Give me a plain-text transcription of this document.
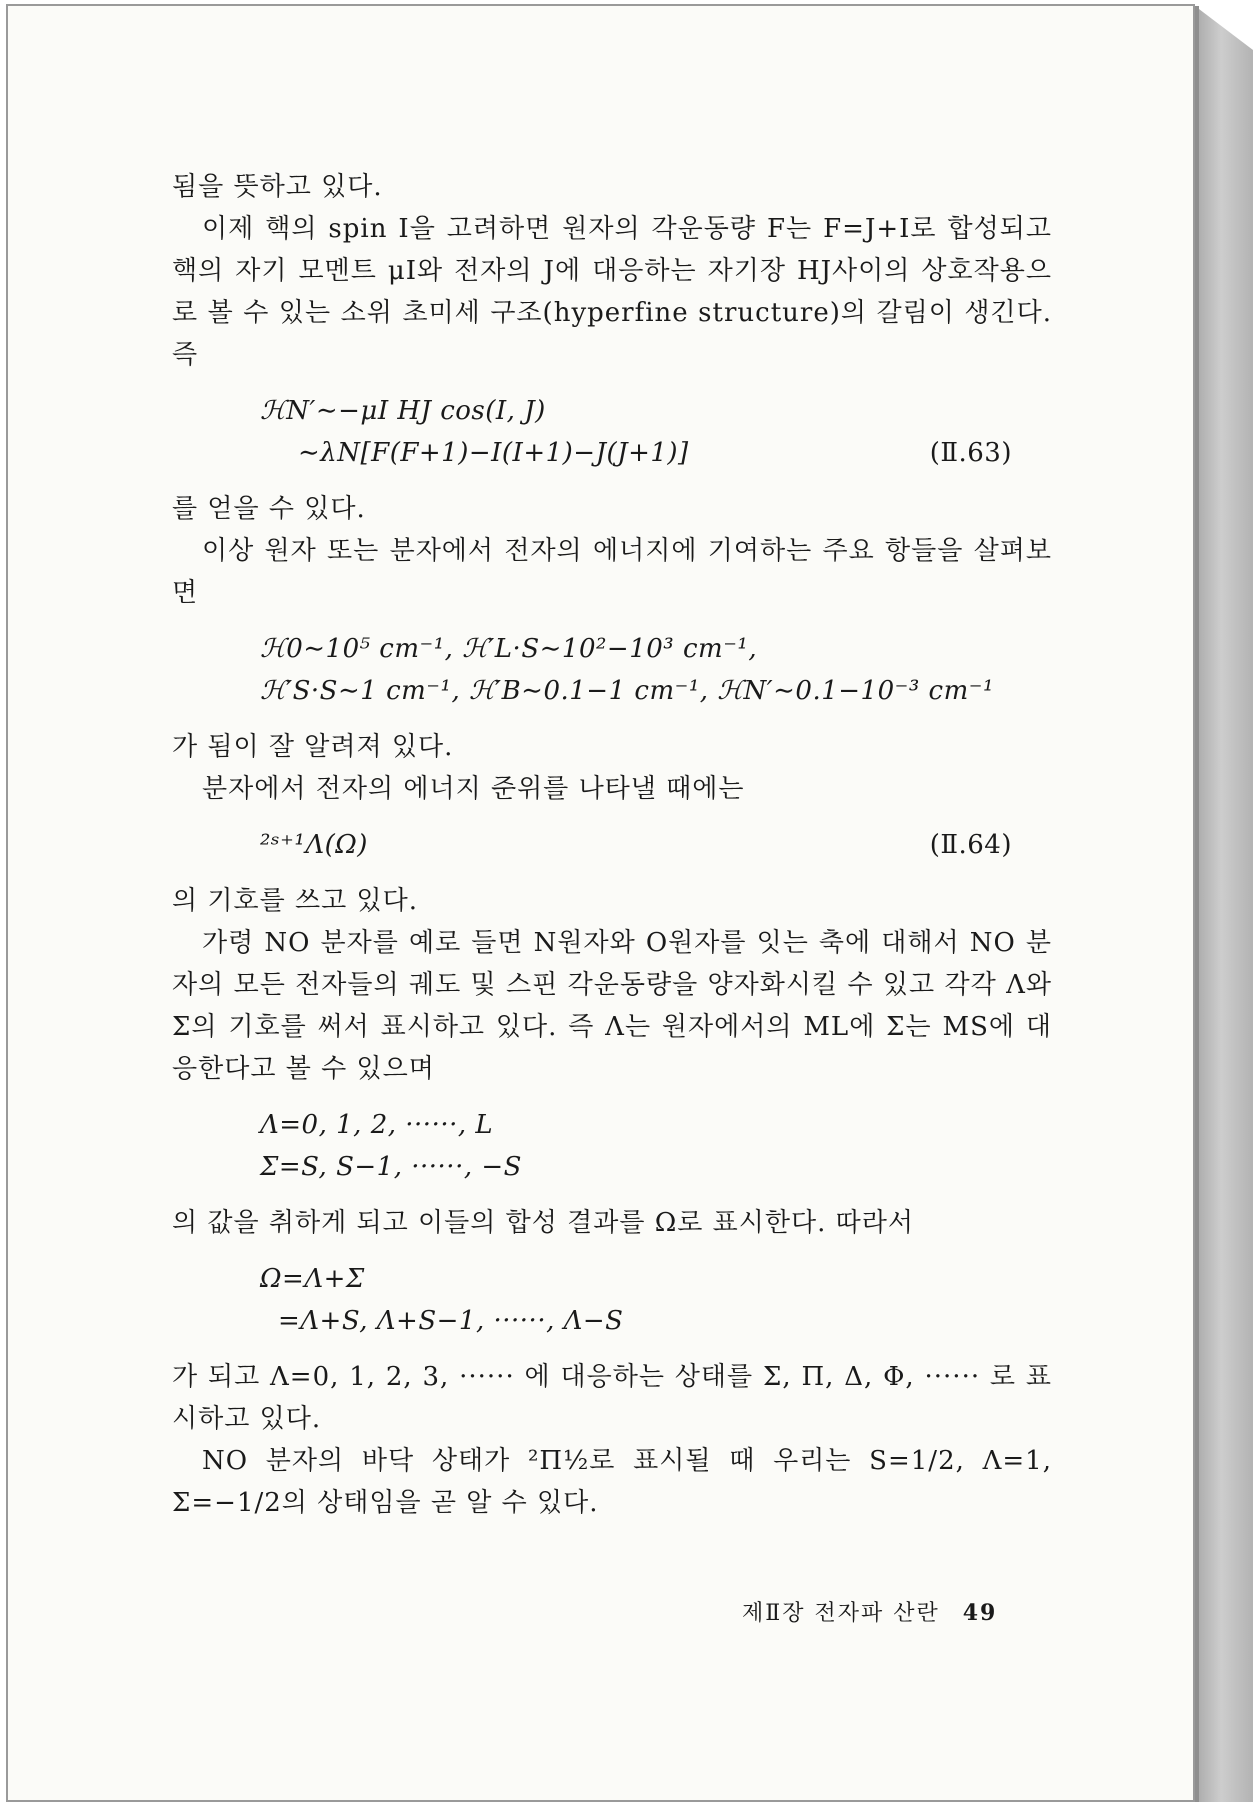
됨을 뜻하고 있다.

이제 핵의 spin I을 고려하면 원자의 각운동량 F는 F=J+I로 합성되고 핵의 자기 모멘트 μI와 전자의 J에 대응하는 자기장 HJ사이의 상호작용으로 볼 수 있는 소위 초미세 구조(hyperfine structure)의 갈림이 생긴다. 즉

ℋN′∼−μI HJ cos(I, J)
∼λN[F(F+1)−I(I+1)−J(J+1)]	(Ⅱ.63)

를 얻을 수 있다.

이상 원자 또는 분자에서 전자의 에너지에 기여하는 주요 항들을 살펴보면

ℋ0∼10⁵ cm⁻¹, ℋ′L·S∼10²−10³ cm⁻¹,
ℋ′S·S∼1 cm⁻¹, ℋ′B∼0.1−1 cm⁻¹, ℋN′∼0.1−10⁻³ cm⁻¹

가 됨이 잘 알려져 있다.

분자에서 전자의 에너지 준위를 나타낼 때에는

²ˢ⁺¹Λ(Ω)	(Ⅱ.64)

의 기호를 쓰고 있다.

가령 NO 분자를 예로 들면 N원자와 O원자를 잇는 축에 대해서 NO 분자의 모든 전자들의 궤도 및 스핀 각운동량을 양자화시킬 수 있고 각각 Λ와 Σ의 기호를 써서 표시하고 있다. 즉 Λ는 원자에서의 ML에 Σ는 MS에 대응한다고 볼 수 있으며

Λ=0, 1, 2, ······, L
Σ=S, S−1, ······, −S

의 값을 취하게 되고 이들의 합성 결과를 Ω로 표시한다. 따라서

Ω=Λ+Σ
=Λ+S, Λ+S−1, ······, Λ−S

가 되고 Λ=0, 1, 2, 3, ······ 에 대응하는 상태를 Σ, Π, Δ, Φ, ······ 로 표시하고 있다.

NO 분자의 바닥 상태가 ²Π½로 표시될 때 우리는 S=1/2, Λ=1, Σ=−1/2의 상태임을 곧 알 수 있다.

제Ⅱ장 전자파 산란 49
